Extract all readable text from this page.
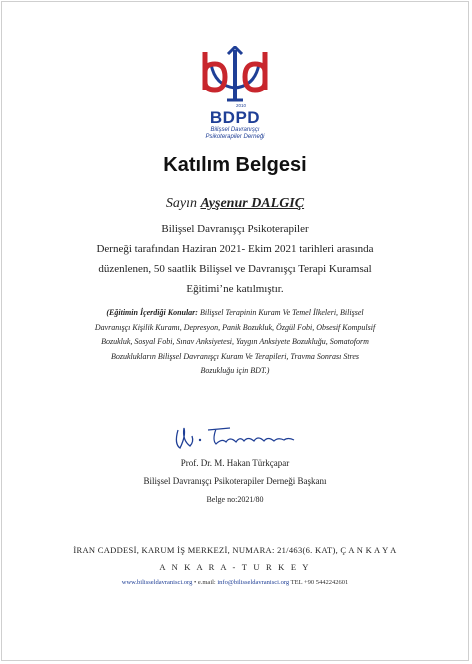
2010
BDPD
Bilişsel Davranışçı
Psikoterapiler Derneği
Katılım Belgesi
Sayın Ayşenur DALGIÇ
Bilişsel Davranışçı Psikoterapiler
Derneği tarafından Haziran 2021- Ekim 2021 tarihleri arasında
düzenlenen, 50 saatlik Bilişsel ve Davranışçı Terapi Kuramsal
Eğitimi’ne katılmıştır.
(Eğitimin İçerdiği Konular: Bilişsel Terapinin Kuram Ve Temel İlkeleri, Bilişsel
Davranışçı Kişilik Kuramı, Depresyon, Panik Bozukluk, Özgül Fobi, Obsesif Kompulsif
Bozukluk, Sosyal Fobi, Sınav Anksiyetesi, Yaygın Anksiyete Bozukluğu, Somatoform
Bozuklukların Bilişsel Davranışçı Kuram Ve Terapileri, Travma Sonrası Stres
Bozukluğu için BDT.)
Prof. Dr. M. Hakan Türkçapar
Bilişsel Davranışçı Psikoterapiler Derneği Başkanı
Belge no:2021/80
İRAN CADDESİ, KARUM İŞ MERKEZİ, NUMARA: 21/463(6. KAT), Ç A N K A Y A
A N K A R A - T U R K E Y
www.bilisseldavranisci.org • e.mail: info@bilisseldavranisci.org TEL +90 5442242601
